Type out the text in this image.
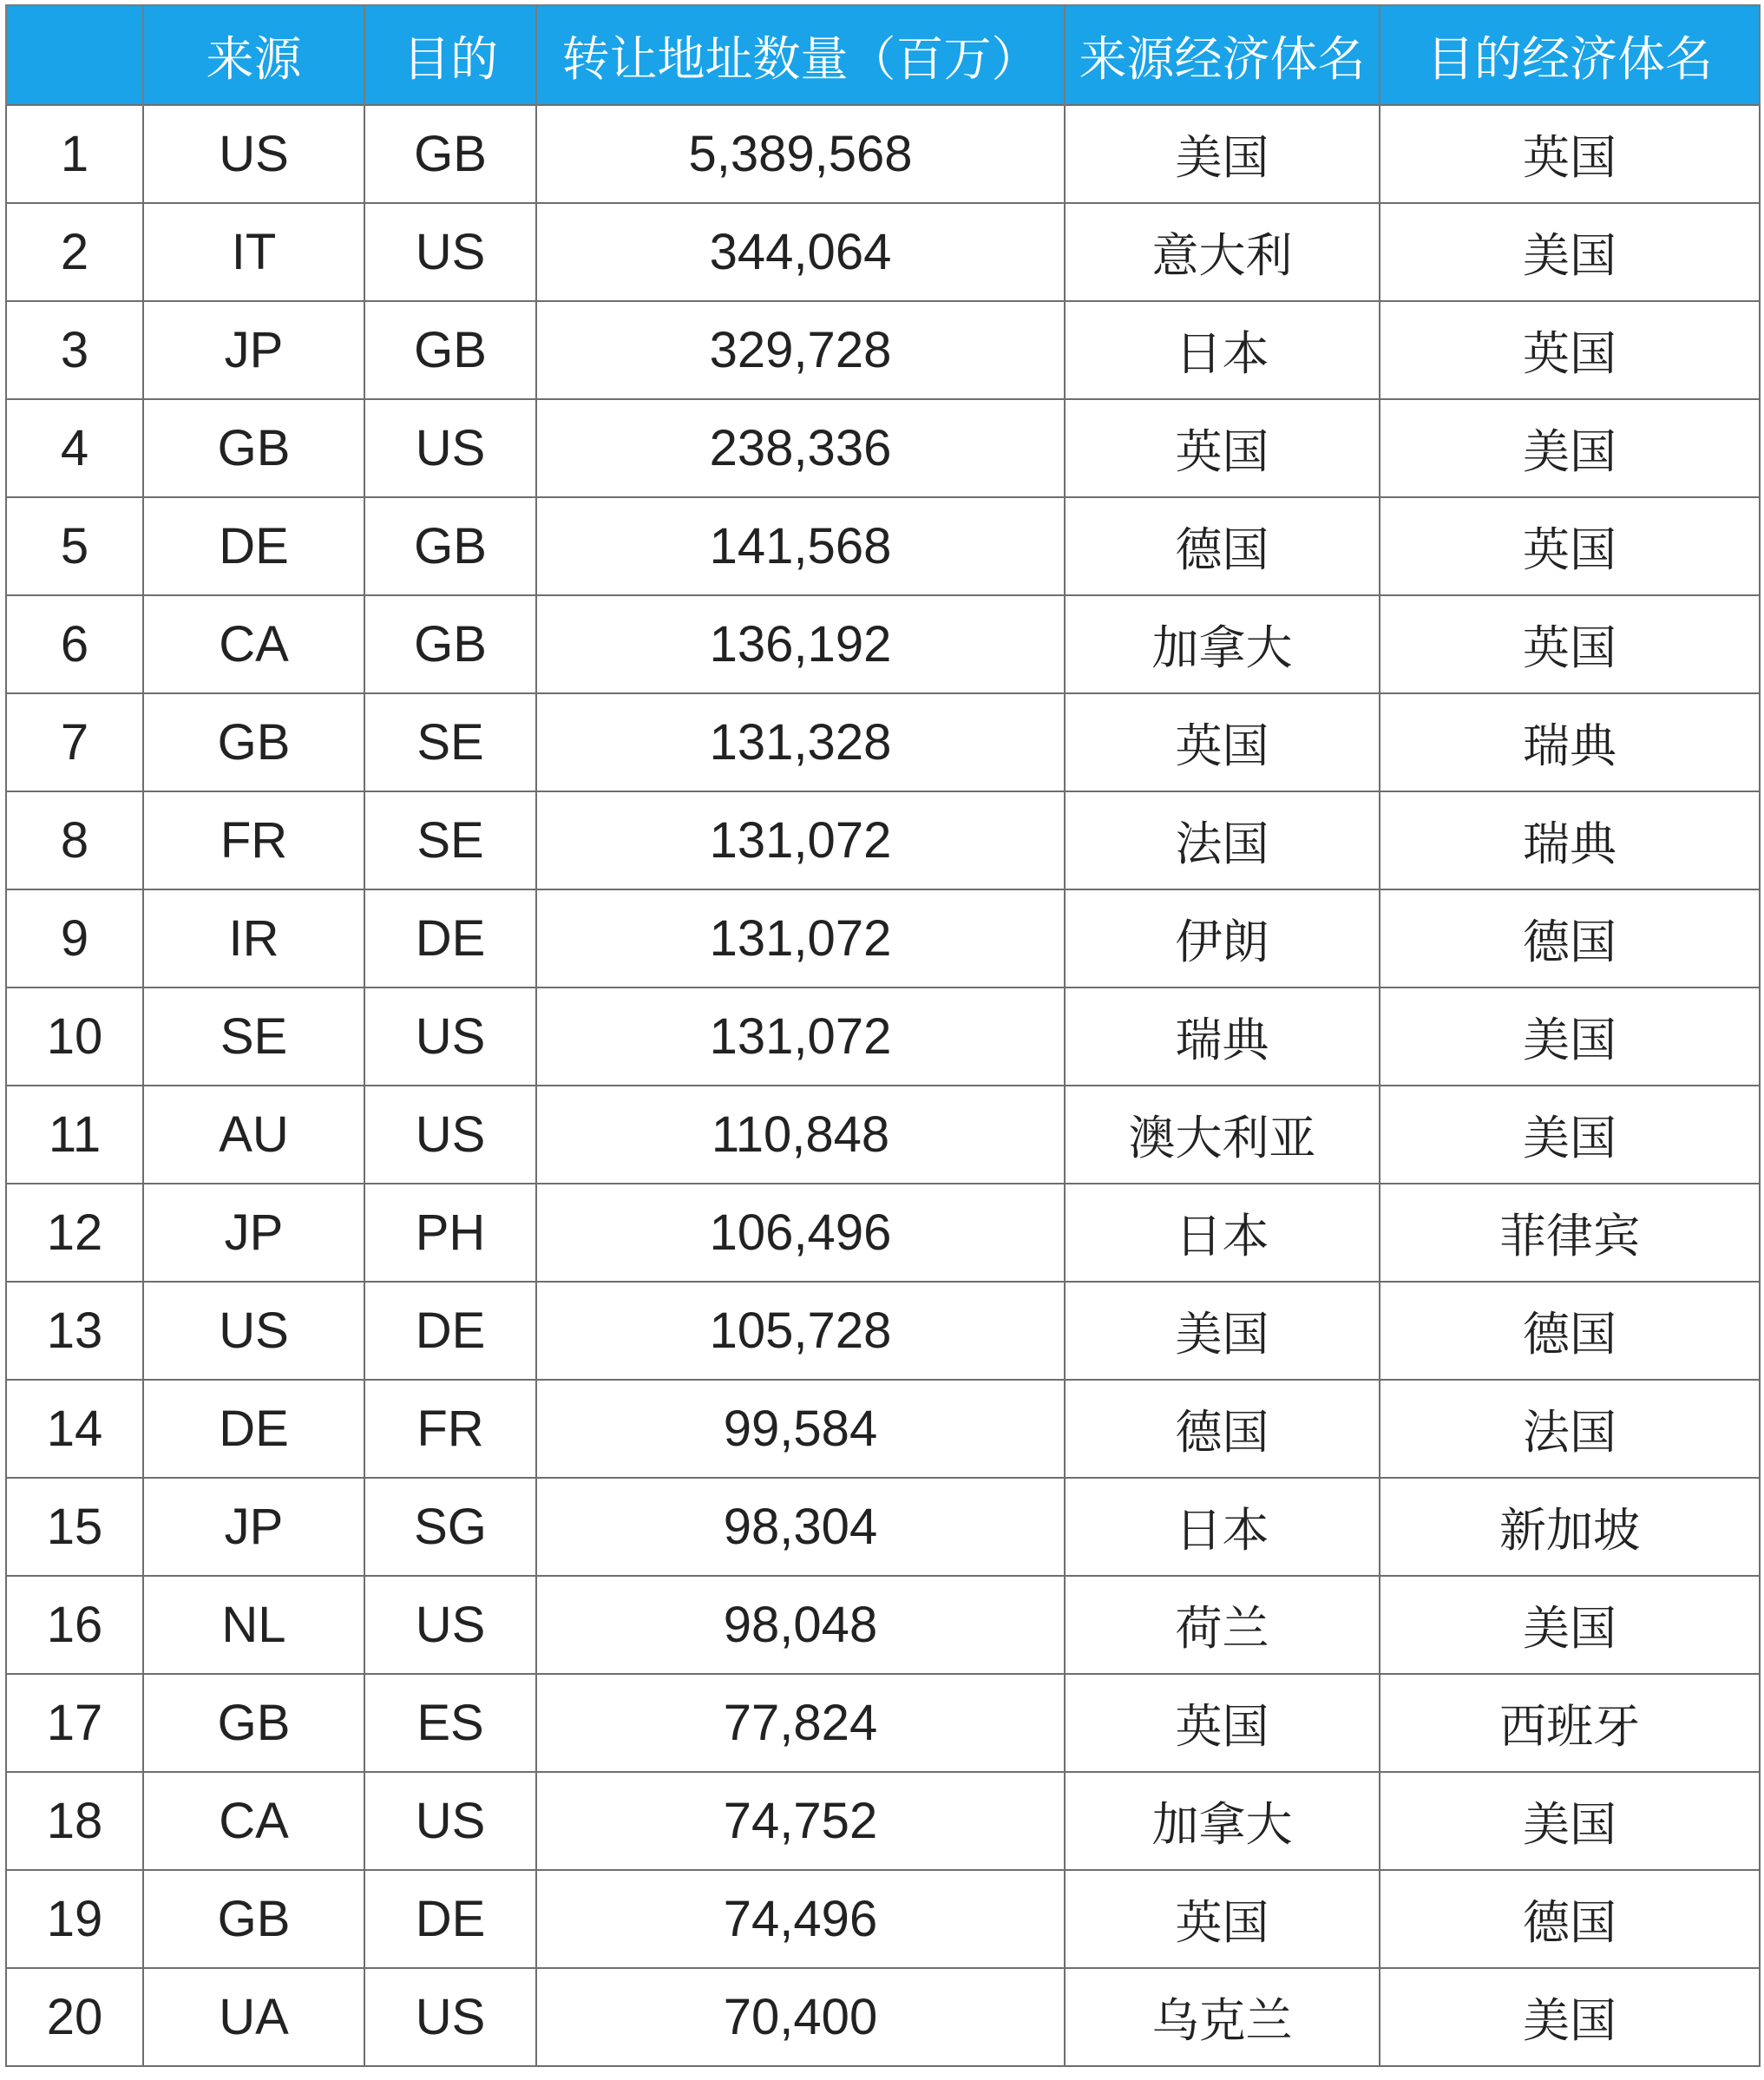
	来源	目的	转让地址数量（百万）	来源经济体名	目的经济体名
1	US	GB	5,389,568	美国	英国
2	IT	US	344,064	意大利	美国
3	JP	GB	329,728	日本	英国
4	GB	US	238,336	英国	美国
5	DE	GB	141,568	德国	英国
6	CA	GB	136,192	加拿大	英国
7	GB	SE	131,328	英国	瑞典
8	FR	SE	131,072	法国	瑞典
9	IR	DE	131,072	伊朗	德国
10	SE	US	131,072	瑞典	美国
11	AU	US	110,848	澳大利亚	美国
12	JP	PH	106,496	日本	菲律宾
13	US	DE	105,728	美国	德国
14	DE	FR	99,584	德国	法国
15	JP	SG	98,304	日本	新加坡
16	NL	US	98,048	荷兰	美国
17	GB	ES	77,824	英国	西班牙
18	CA	US	74,752	加拿大	美国
19	GB	DE	74,496	英国	德国
20	UA	US	70,400	乌克兰	美国
